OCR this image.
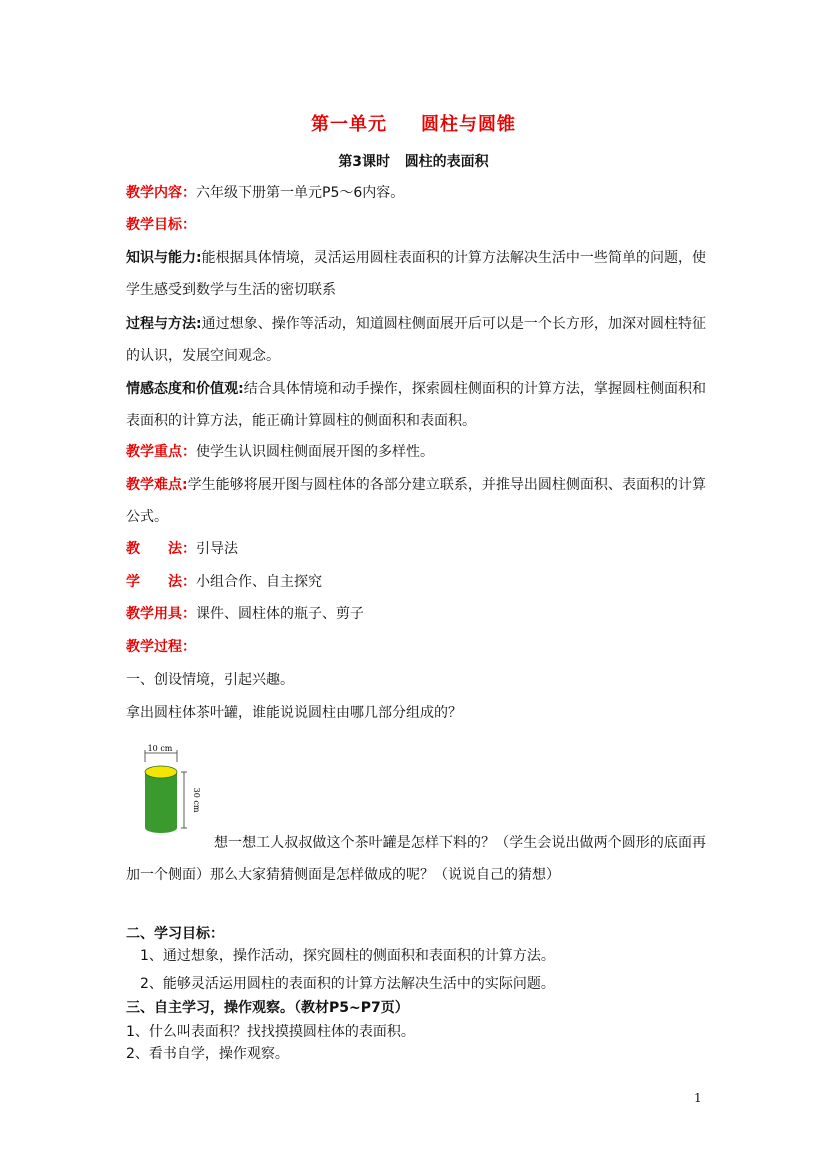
第一单元 圆柱与圆锥
第3课时 圆柱的表面积
教学内容：六年级下册第一单元P5～6内容。
教学目标：
知识与能力:能根据具体情境，灵活运用圆柱表面积的计算方法解决生活中一些简单的问题，使学生感受到数学与生活的密切联系
过程与方法:通过想象、操作等活动，知道圆柱侧面展开后可以是一个长方形，加深对圆柱特征的认识，发展空间观念。
情感态度和价值观:结合具体情境和动手操作，探索圆柱侧面积的计算方法，掌握圆柱侧面积和表面积的计算方法，能正确计算圆柱的侧面积和表面积。
教学重点：使学生认识圆柱侧面展开图的多样性。
教学难点:学生能够将展开图与圆柱体的各部分建立联系，并推导出圆柱侧面积、表面积的计算公式。
教　　法：引导法
学　　法：小组合作、自主探究
教学用具：课件、圆柱体的瓶子、剪子
教学过程：
一、创设情境，引起兴趣。
拿出圆柱体茶叶罐，谁能说说圆柱由哪几部分组成的？
10 cm
30 cm
想一想工人叔叔做这个茶叶罐是怎样下料的？（学生会说出做两个圆形的底面再加一个侧面）那么大家猜猜侧面是怎样做成的呢？（说说自己的猜想）
二、学习目标：
1、通过想象，操作活动，探究圆柱的侧面积和表面积的计算方法。
2、能够灵活运用圆柱的表面积的计算方法解决生活中的实际问题。
三、自主学习，操作观察。（教材P5~P7页）
1、什么叫表面积？找找摸摸圆柱体的表面积。
2、看书自学，操作观察。
1
